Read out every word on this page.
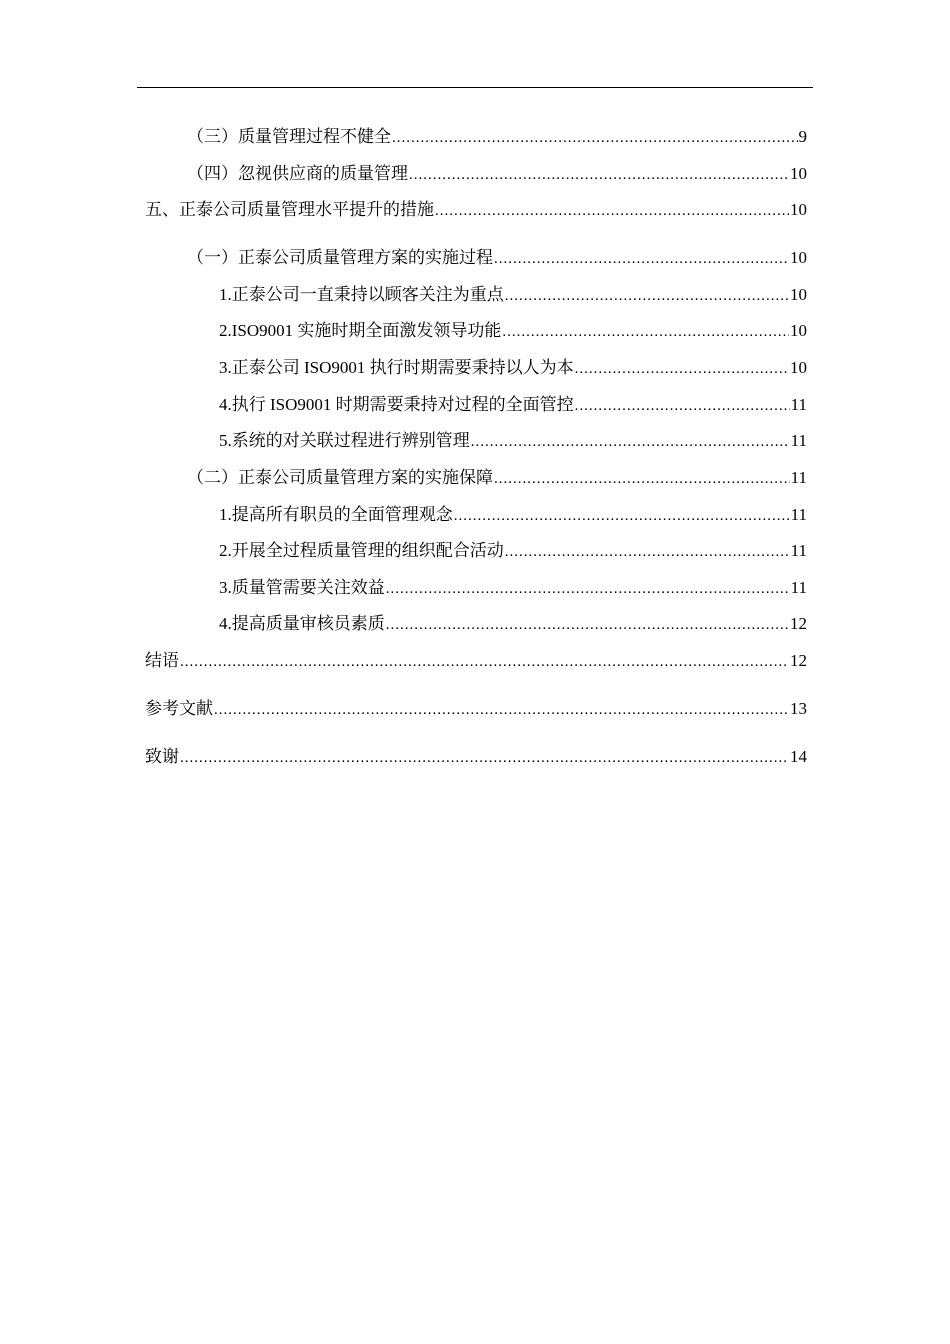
（三）质量管理过程不健全 .....	9
（四）忽视供应商的质量管理 .....	10
五、正泰公司质量管理水平提升的措施 .....	10
（一）正泰公司质量管理方案的实施过程 .....	10
1.正泰公司一直秉持以顾客关注为重点 .....	10
2.ISO9001 实施时期全面激发领导功能 .....	10
3.正泰公司 ISO9001 执行时期需要秉持以人为本 .....	10
4.执行 ISO9001 时期需要秉持对过程的全面管控 .....	11
5.系统的对关联过程进行辨别管理 .....	11
（二）正泰公司质量管理方案的实施保障 .....	11
1.提高所有职员的全面管理观念 .....	11
2.开展全过程质量管理的组织配合活动 .....	11
3.质量管需要关注效益 .....	11
4.提高质量审核员素质 .....	12
结语 .....	12
参考文献 .....	13
致谢 .....	14
